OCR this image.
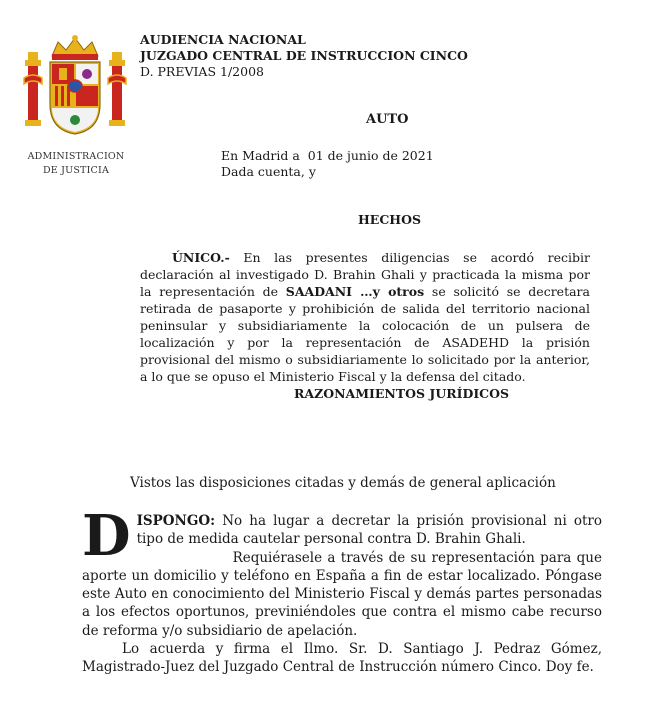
ADMINISTRACION
DE JUSTICIA
AUDIENCIA NACIONAL
JUZGADO CENTRAL DE INSTRUCCION CINCO
D. PREVIAS 1/2008
AUTO
En Madrid a  01 de junio de 2021
Dada cuenta, y
HECHOS
ÚNICO.- En las presentes diligencias se acordó recibir declaración al investigado D. Brahin Ghali y practicada la misma por la representación de SAADANI …y otros se solicitó se decretara retirada de pasaporte y prohibición de salida del territorio nacional peninsular y subsidiariamente la colocación de un pulsera de localización y por la representación de ASADEHD la prisión provisional del mismo o subsidiariamente lo solicitado por la anterior, a lo que se opuso el Ministerio Fiscal y la defensa del citado.
RAZONAMIENTOS JURÍDICOS
Vistos las disposiciones citadas y demás de general aplicación

DISPONGO: No ha lugar a decretar la prisión provisional ni otro tipo de medida cautelar personal contra D. Brahin Ghali.

Requiérasele a través de su representación para que aporte un domicilio y teléfono en España a fin de estar localizado. Póngase este Auto en conocimiento del Ministerio Fiscal y demás partes personadas a los efectos oportunos, previniéndoles que contra el mismo cabe recurso de reforma y/o subsidiario de apelación.

Lo acuerda y firma el Ilmo. Sr. D. Santiago J. Pedraz Gómez, Magistrado-Juez del Juzgado Central de Instrucción número Cinco. Doy fe.
